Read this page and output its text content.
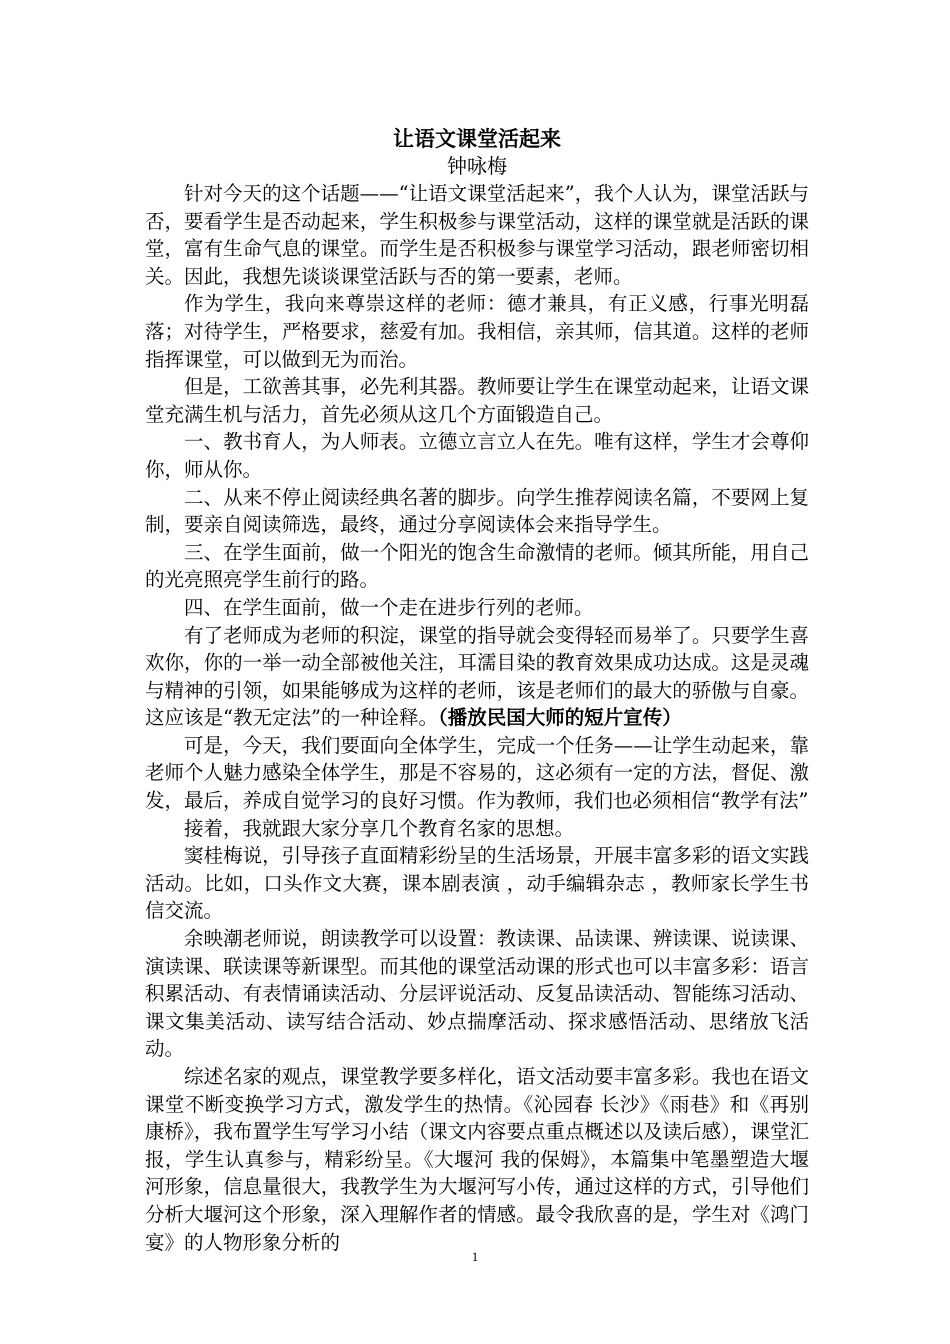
让语文课堂活起来

钟咏梅

针对今天的这个话题——“让语文课堂活起来”，我个人认为，课堂活跃与否，要看学生是否动起来，学生积极参与课堂活动，这样的课堂就是活跃的课堂，富有生命气息的课堂。而学生是否积极参与课堂学习活动，跟老师密切相关。因此，我想先谈谈课堂活跃与否的第一要素，老师。

作为学生，我向来尊崇这样的老师：德才兼具，有正义感，行事光明磊落；对待学生，严格要求，慈爱有加。我相信，亲其师，信其道。这样的老师指挥课堂，可以做到无为而治。

但是，工欲善其事，必先利其器。教师要让学生在课堂动起来，让语文课堂充满生机与活力，首先必须从这几个方面锻造自己。

一、教书育人，为人师表。立德立言立人在先。唯有这样，学生才会尊仰你，师从你。

二、从来不停止阅读经典名著的脚步。向学生推荐阅读名篇，不要网上复制，要亲自阅读筛选，最终，通过分享阅读体会来指导学生。

三、在学生面前，做一个阳光的饱含生命激情的老师。倾其所能，用自己的光亮照亮学生前行的路。

四、在学生面前，做一个走在进步行列的老师。

有了老师成为老师的积淀，课堂的指导就会变得轻而易举了。只要学生喜欢你，你的一举一动全部被他关注，耳濡目染的教育效果成功达成。这是灵魂与精神的引领，如果能够成为这样的老师，该是老师们的最大的骄傲与自豪。这应该是“教无定法”的一种诠释。（播放民国大师的短片宣传）

可是，今天，我们要面向全体学生，完成一个任务——让学生动起来，靠老师个人魅力感染全体学生，那是不容易的，这必须有一定的方法，督促、激发，最后，养成自觉学习的良好习惯。作为教师，我们也必须相信“教学有法”

接着，我就跟大家分享几个教育名家的思想。

窦桂梅说，引导孩子直面精彩纷呈的生活场景，开展丰富多彩的语文实践活动。比如，口头作文大赛，课本剧表演 ，动手编辑杂志 ，教师家长学生书信交流。

余映潮老师说，朗读教学可以设置：教读课、品读课、辨读课、说读课、演读课、联读课等新课型。而其他的课堂活动课的形式也可以丰富多彩：语言积累活动、有表情诵读活动、分层评说活动、反复品读活动、智能练习活动、课文集美活动、读写结合活动、妙点揣摩活动、探求感悟活动、思绪放飞活动。

综述名家的观点，课堂教学要多样化，语文活动要丰富多彩。我也在语文课堂不断变换学习方式，激发学生的热情。《沁园春 长沙》《雨巷》和《再别康桥》，我布置学生写学习小结（课文内容要点重点概述以及读后感），课堂汇报，学生认真参与，精彩纷呈。《大堰河 我的保姆》，本篇集中笔墨塑造大堰河形象，信息量很大，我教学生为大堰河写小传，通过这样的方式，引导他们分析大堰河这个形象，深入理解作者的情感。最令我欣喜的是，学生对《鸿门宴》的人物形象分析的

1
